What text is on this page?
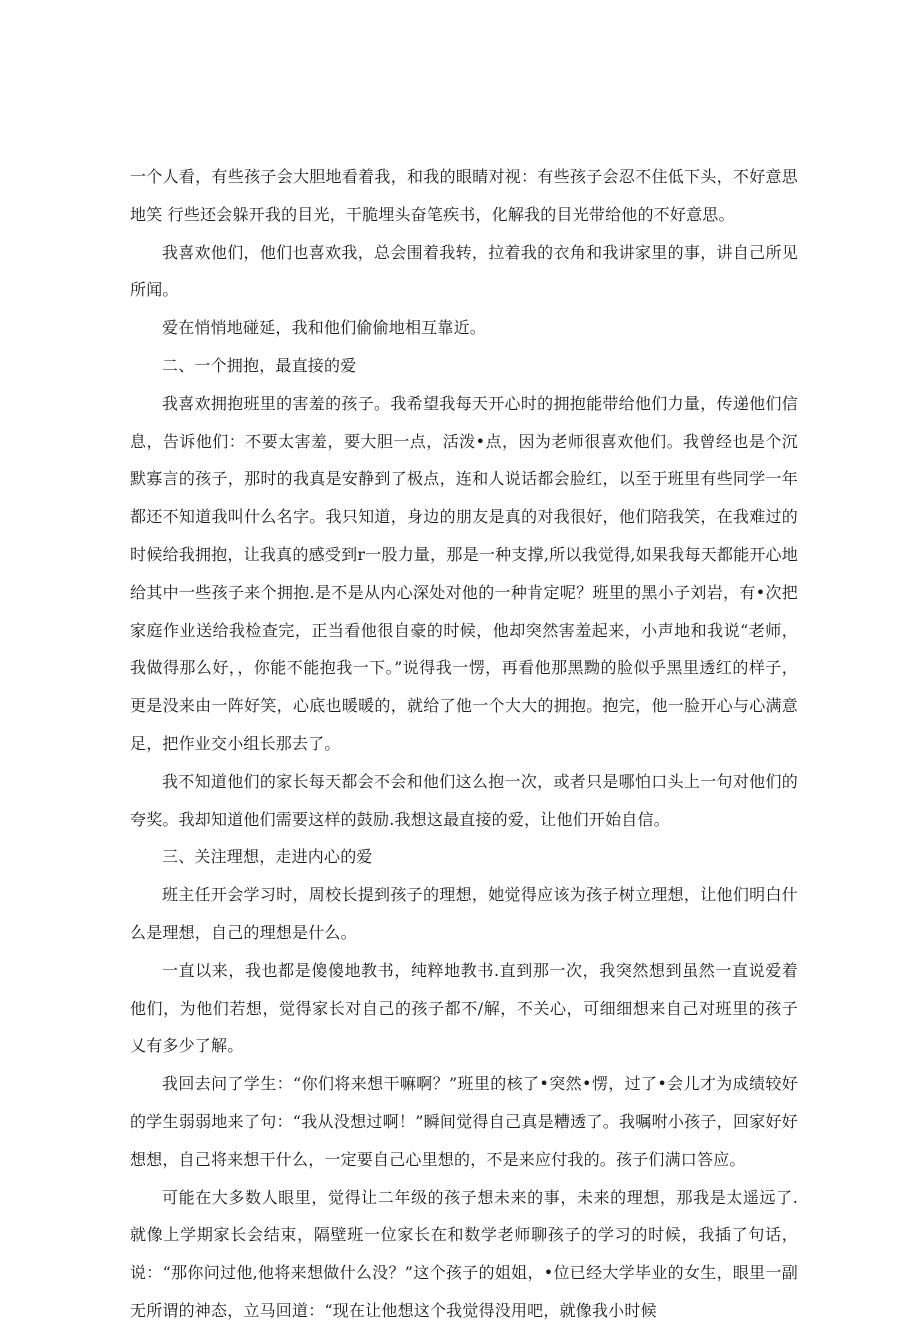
一个人看，有些孩子会大胆地看着我，和我的眼睛对视：有些孩子会忍不住低下头，不好意思地笑 行些还会躲开我的目光，干脆埋头奋笔疾书，化解我的目光带给他的不好意思。

我喜欢他们，他们也喜欢我，总会围着我转，拉着我的衣角和我讲家里的事，讲自己所见所闻。

爱在悄悄地碰延，我和他们偷偷地相互靠近。

二、一个拥抱，最直接的爱

我喜欢拥抱班里的害羞的孩子。我希望我每天开心时的拥抱能带给他们力量，传递他们信息，告诉他们：不要太害羞，要大胆一点，活泼•点，因为老师很喜欢他们。我曾经也是个沉默寡言的孩子，那时的我真是安静到了极点，连和人说话都会脸红，以至于班里有些同学一年都还不知道我叫什么名字。我只知道，身边的朋友是真的对我很好，他们陪我笑，在我难过的时候给我拥抱，让我真的感受到r一股力量，那是一种支撑,所以我觉得,如果我每天都能开心地给其中一些孩子来个拥抱.是不是从内心深处对他的一种肯定呢？班里的黑小子刘岩，有•次把家庭作业送给我检查完，正当看他很自豪的时候，他却突然害羞起来，小声地和我说“老师，我做得那么好，，你能不能抱我一下。”说得我一愣，再看他那黑黝的脸似乎黑里透红的样子，更是没来由一阵好笑，心底也暖暖的，就给了他一个大大的拥抱。抱完，他一脸开心与心满意足，把作业交小组长那去了。

我不知道他们的家长每天都会不会和他们这么抱一次，或者只是哪怕口头上一句对他们的夸奖。我却知道他们需要这样的鼓励.我想这最直接的爱，让他们开始自信。

三、关注理想，走进内心的爱

班主任开会学习时，周校长提到孩子的理想，她觉得应该为孩子树立理想，让他们明白什么是理想，自己的理想是什么。

一直以来，我也都是傻傻地教书，纯粹地教书.直到那一次，我突然想到虽然一直说爱着他们，为他们若想，觉得家长对自己的孩子都不/解，不关心，可细细想来自己对班里的孩子乂有多少了解。

我回去问了学生：“你们将来想干嘛啊？”班里的核了•突然•愣，过了•会儿才为成绩较好的学生弱弱地来了句：“我从没想过啊！”瞬间觉得自己真是糟透了。我嘱咐小孩子，回家好好想想，自己将来想干什么，一定要自己心里想的，不是来应付我的。孩子们满口答应。

可能在大多数人眼里，觉得让二年级的孩子想未来的事，未来的理想，那我是太遥远了.就像上学期家长会结束，隔壁班一位家长在和数学老师聊孩子的学习的时候，我插了句话，说：“那你问过他,他将来想做什么没？”这个孩子的姐姐，•位已经大学毕业的女生，眼里一副无所谓的神态，立马回道：“现在让他想这个我觉得没用吧，就像我小时候
